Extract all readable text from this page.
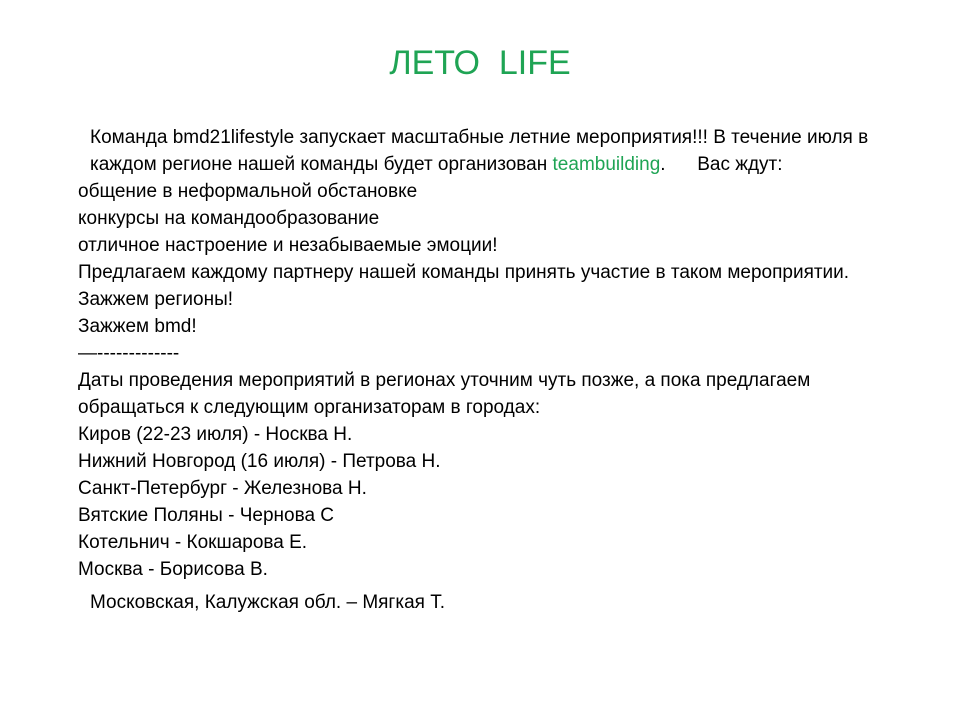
ЛЕТО  LIFE
Команда bmd21lifestyle запускает масштабные летние мероприятия!!! В течение июля в каждом регионе нашей команды будет организован teambuilding.      Вас ждут:
общение в неформальной обстановке
конкурсы на командообразование
отличное настроение и незабываемые эмоции!
Предлагаем каждому партнеру нашей команды принять участие в таком мероприятии.
Зажжем регионы!
Зажжем bmd!
—-------------
Даты проведения мероприятий в регионах уточним чуть позже, а пока предлагаем обращаться к следующим организаторам в городах:
Киров (22-23 июля) - Носква Н.
Нижний Новгород (16 июля) - Петрова Н.
Санкт-Петербург - Железнова Н.
Вятские Поляны - Чернова С
Котельнич - Кокшарова Е.
Москва - Борисова В.
Московская, Калужская обл. – Мягкая Т.
